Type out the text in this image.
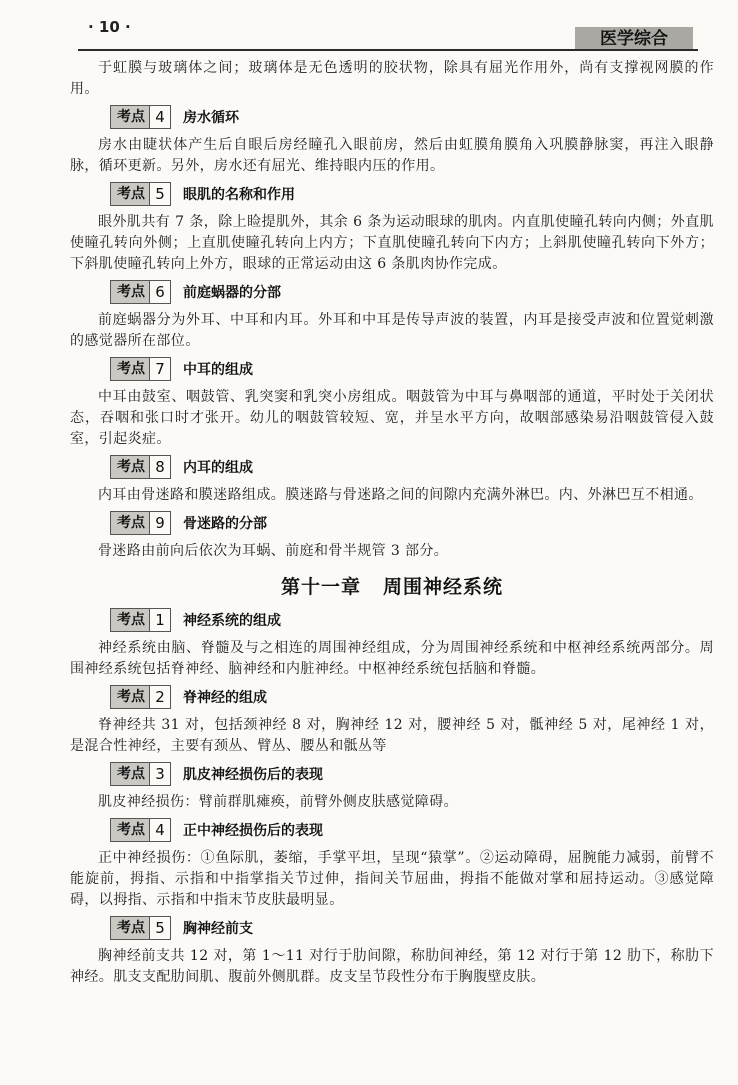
· 10 ·
医学综合

于虹膜与玻璃体之间；玻璃体是无色透明的胶状物，除具有屈光作用外，尚有支撑视网膜的作用。

考点 4	房水循环

房水由睫状体产生后自眼后房经瞳孔入眼前房，然后由虹膜角膜角入巩膜静脉窦，再注入眼静脉，循环更新。另外，房水还有屈光、维持眼内压的作用。

考点 5	眼肌的名称和作用

眼外肌共有 7 条，除上睑提肌外，其余 6 条为运动眼球的肌肉。内直肌使瞳孔转向内侧；外直肌使瞳孔转向外侧；上直肌使瞳孔转向上内方；下直肌使瞳孔转向下内方；上斜肌使瞳孔转向下外方；下斜肌使瞳孔转向上外方，眼球的正常运动由这 6 条肌肉协作完成。

考点 6	前庭蜗器的分部

前庭蜗器分为外耳、中耳和内耳。外耳和中耳是传导声波的装置，内耳是接受声波和位置觉刺激的感觉器所在部位。

考点 7	中耳的组成

中耳由鼓室、咽鼓管、乳突窦和乳突小房组成。咽鼓管为中耳与鼻咽部的通道，平时处于关闭状态，吞咽和张口时才张开。幼儿的咽鼓管较短、宽，并呈水平方向，故咽部感染易沿咽鼓管侵入鼓室，引起炎症。

考点 8	内耳的组成

内耳由骨迷路和膜迷路组成。膜迷路与骨迷路之间的间隙内充满外淋巴。内、外淋巴互不相通。

考点 9	骨迷路的分部

骨迷路由前向后依次为耳蜗、前庭和骨半规管 3 部分。

第十一章 周围神经系统
考点 1	神经系统的组成

神经系统由脑、脊髓及与之相连的周围神经组成，分为周围神经系统和中枢神经系统两部分。周围神经系统包括脊神经、脑神经和内脏神经。中枢神经系统包括脑和脊髓。

考点 2	脊神经的组成

脊神经共 31 对，包括颈神经 8 对，胸神经 12 对，腰神经 5 对，骶神经 5 对，尾神经 1 对，是混合性神经，主要有颈丛、臂丛、腰丛和骶丛等

考点 3	肌皮神经损伤后的表现

肌皮神经损伤：臂前群肌瘫痪，前臂外侧皮肤感觉障碍。

考点 4	正中神经损伤后的表现

正中神经损伤：①鱼际肌，萎缩，手掌平坦，呈现“猿掌”。②运动障碍，屈腕能力减弱，前臂不能旋前，拇指、示指和中指掌指关节过伸，指间关节屈曲，拇指不能做对掌和屈持运动。③感觉障碍，以拇指、示指和中指末节皮肤最明显。

考点 5	胸神经前支

胸神经前支共 12 对，第 1～11 对行于肋间隙，称肋间神经，第 12 对行于第 12 肋下，称肋下神经。肌支支配肋间肌、腹前外侧肌群。皮支呈节段性分布于胸腹壁皮肤。
